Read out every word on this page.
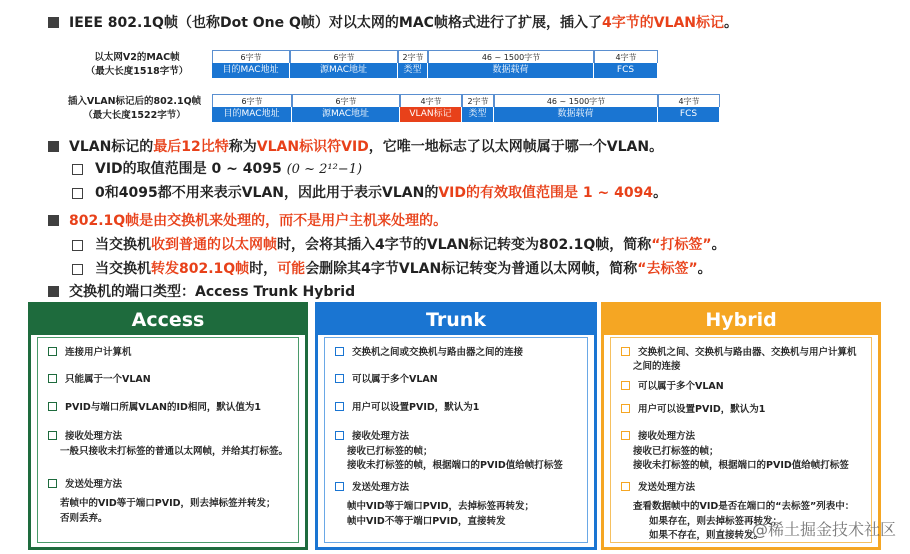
IEEE 802.1Q帧（也称Dot One Q帧）对以太网的MAC帧格式进行了扩展，插入了4字节的VLAN标记。
以太网V2的MAC帧
（最大长度1518字节）
6字节
目的MAC地址
6字节
源MAC地址
2字节
类型
46 ~ 1500字节
数据载荷
4字节
FCS
插入VLAN标记后的802.1Q帧
（最大长度1522字节）
6字节
目的MAC地址
6字节
源MAC地址
4字节
VLAN标记
2字节
类型
46 ~ 1500字节
数据载荷
4字节
FCS
VLAN标记的最后12比特称为VLAN标识符VID，它唯一地标志了以太网帧属于哪一个VLAN。
VID的取值范围是 0 ~ 4095 (0 ~ 2¹²−1)
0和4095都不用来表示VLAN，因此用于表示VLAN的VID的有效取值范围是 1 ~ 4094。
802.1Q帧是由交换机来处理的，而不是用户主机来处理的。
当交换机收到普通的以太网帧时，会将其插入4字节的VLAN标记转变为802.1Q帧，简称“打标签”。
当交换机转发802.1Q帧时，可能会删除其4字节VLAN标记转变为普通以太网帧，简称“去标签”。
交换机的端口类型：Access Trunk Hybrid
Access
连接用户计算机
只能属于一个VLAN
PVID与端口所属VLAN的ID相同，默认值为1
接收处理方法
一般只接收未打标签的普通以太网帧，并给其打标签。
发送处理方法
若帧中的VID等于端口PVID，则去掉标签并转发；
否则丢弃。
Trunk
交换机之间或交换机与路由器之间的连接
可以属于多个VLAN
用户可以设置PVID，默认为1
接收处理方法
接收已打标签的帧；
接收未打标签的帧，根据端口的PVID值给帧打标签
发送处理方法
帧中VID等于端口PVID，去掉标签再转发；
帧中VID不等于端口PVID，直接转发
Hybrid
交换机之间、交换机与路由器、交换机与用户计算机
之间的连接
可以属于多个VLAN
用户可以设置PVID，默认为1
接收处理方法
接收已打标签的帧；
接收未打标签的帧，根据端口的PVID值给帧打标签
发送处理方法
查看数据帧中的VID是否在端口的“去标签”列表中：
如果存在，则去掉标签再转发；
如果不存在，则直接转发。
@稀土掘金技术社区
